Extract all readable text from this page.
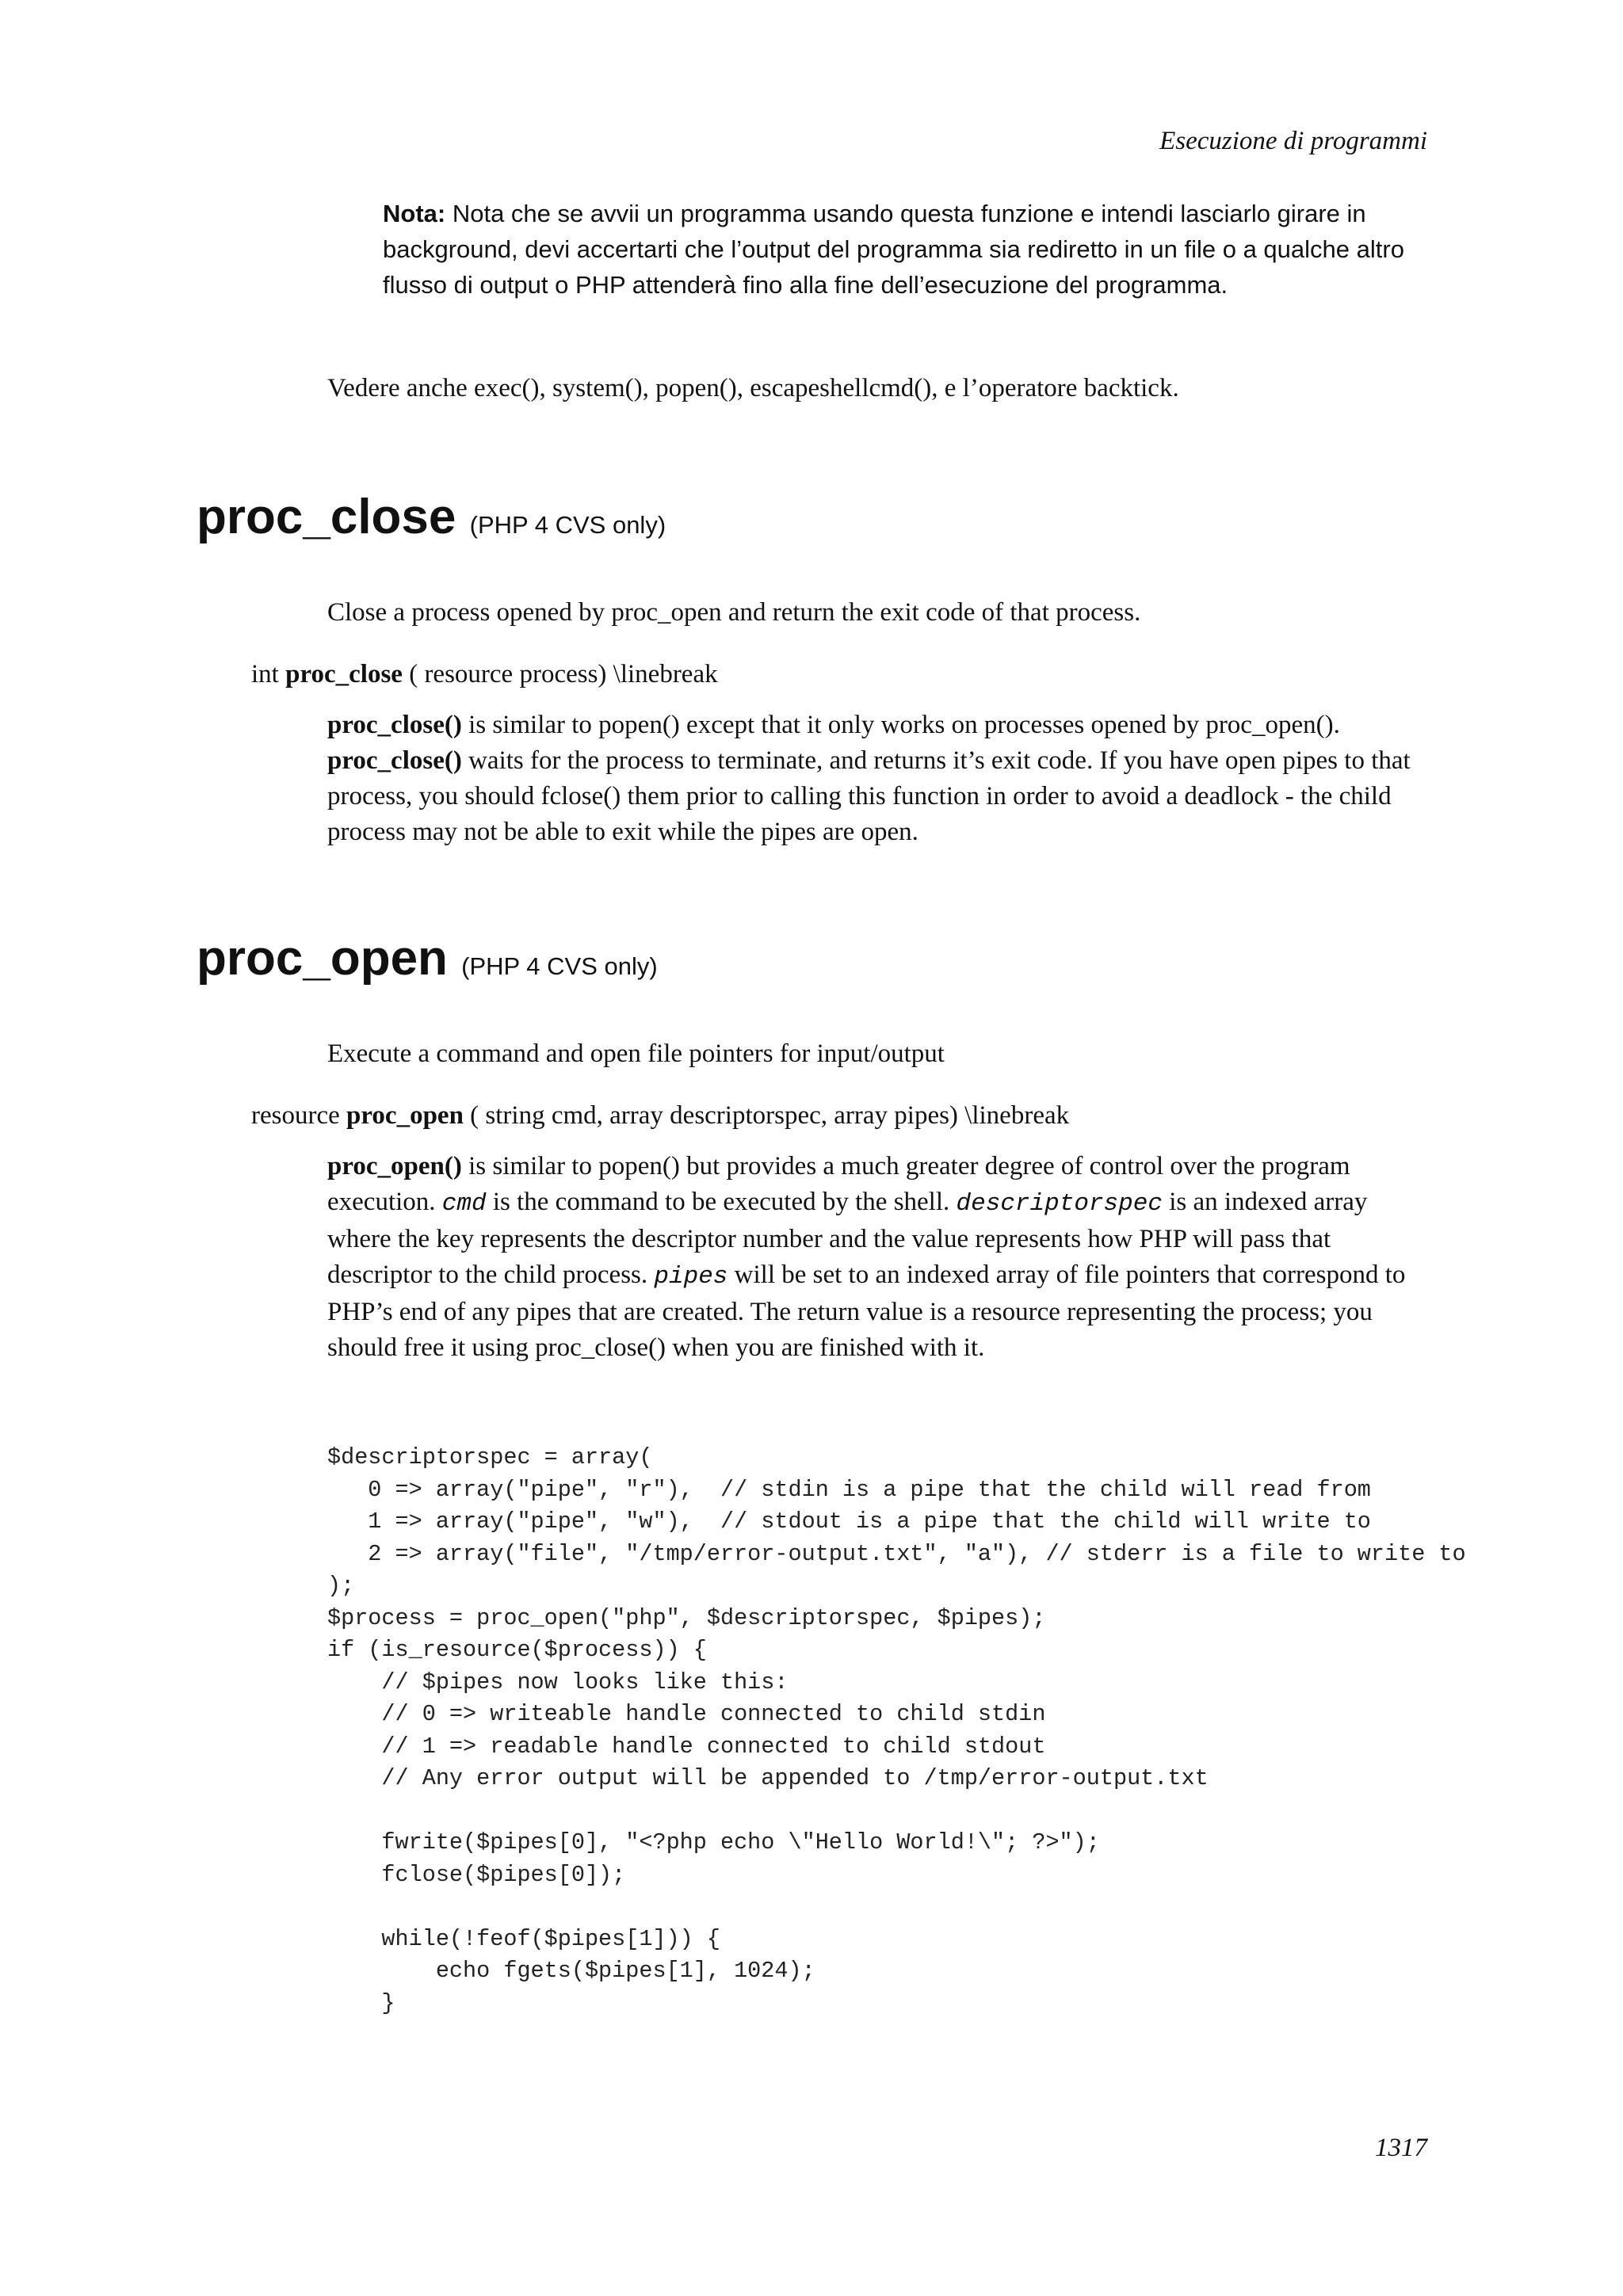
Esecuzione di programmi

Nota: Nota che se avvii un programma usando questa funzione e intendi lasciarlo girare in background, devi accertarti che l’output del programma sia rediretto in un file o a qualche altro flusso di output o PHP attenderà fino alla fine dell’esecuzione del programma.

Vedere anche exec(), system(), popen(), escapeshellcmd(), e l’operatore backtick.

proc_close (PHP 4 CVS only)

Close a process opened by proc_open and return the exit code of that process.

int proc_close ( resource process) \linebreak

proc_close() is similar to popen() except that it only works on processes opened by proc_open().
proc_close() waits for the process to terminate, and returns it’s exit code. If you have open pipes to that process, you should fclose() them prior to calling this function in order to avoid a deadlock - the child process may not be able to exit while the pipes are open.

proc_open (PHP 4 CVS only)

Execute a command and open file pointers for input/output

resource proc_open ( string cmd, array descriptorspec, array pipes) \linebreak

proc_open() is similar to popen() but provides a much greater degree of control over the program execution. cmd is the command to be executed by the shell. descriptorspec is an indexed array where the key represents the descriptor number and the value represents how PHP will pass that descriptor to the child process. pipes will be set to an indexed array of file pointers that correspond to PHP’s end of any pipes that are created. The return value is a resource representing the process; you should free it using proc_close() when you are finished with it.

$descriptorspec = array(
0 => array("pipe", "r"),  // stdin is a pipe that the child will read from
1 => array("pipe", "w"),  // stdout is a pipe that the child will write to
2 => array("file", "/tmp/error-output.txt", "a"), // stderr is a file to write to
);
$process = proc_open("php", $descriptorspec, $pipes);
if (is_resource($process)) {
// $pipes now looks like this:
// 0 => writeable handle connected to child stdin
// 1 => readable handle connected to child stdout
// Any error output will be appended to /tmp/error-output.txt

fwrite($pipes[0], "<?php echo \"Hello World!\"; ?>");
fclose($pipes[0]);

while(!feof($pipes[1])) {
echo fgets($pipes[1], 1024);
}

1317
